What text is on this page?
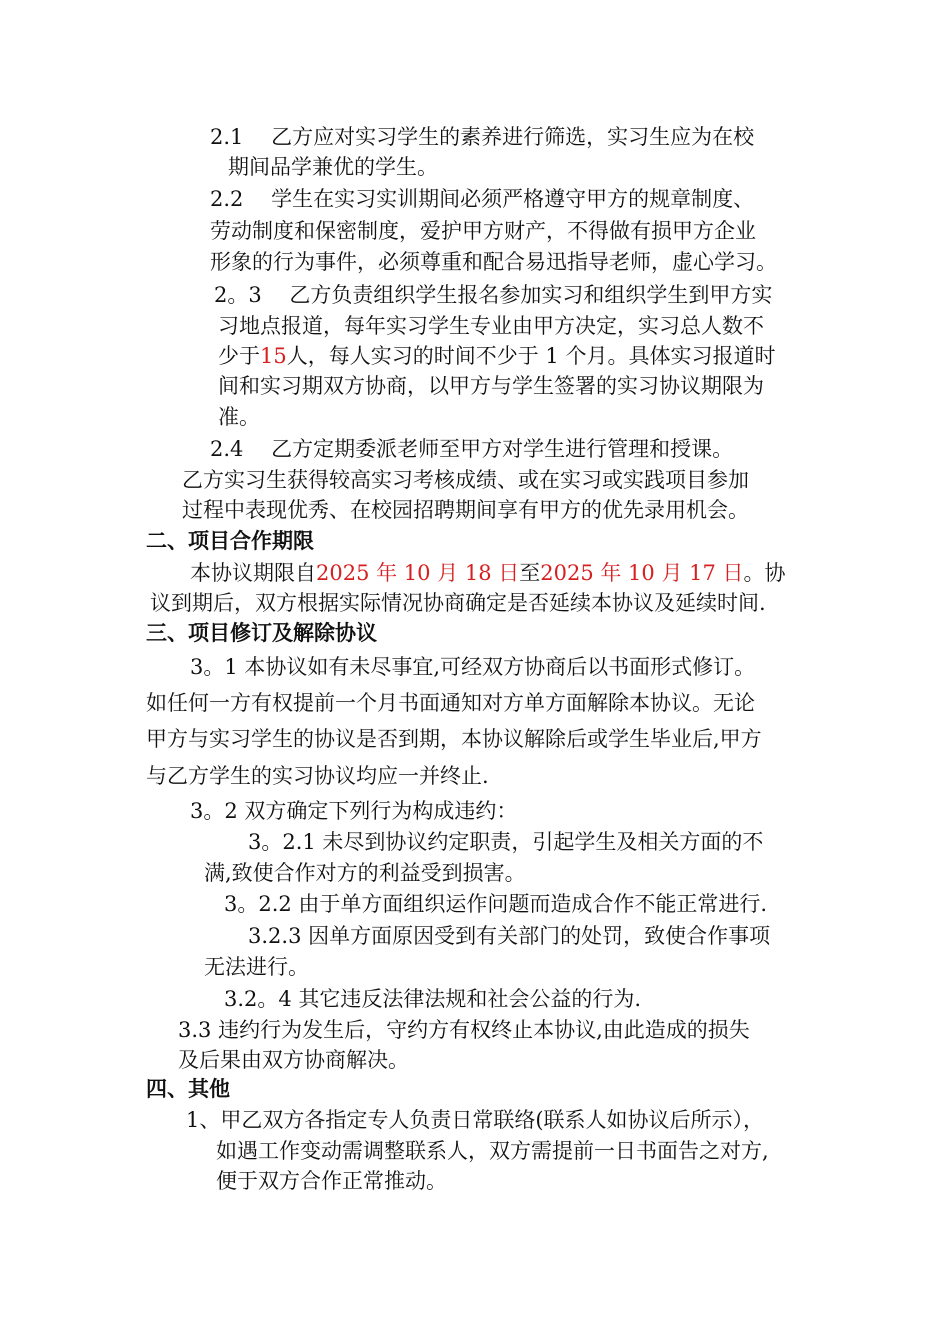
2.1　 乙方应对实习学生的素养进行筛选，实习生应为在校
期间品学兼优的学生。
2.2　 学生在实习实训期间必须严格遵守甲方的规章制度、
劳动制度和保密制度，爱护甲方财产，不得做有损甲方企业
形象的行为事件，必须尊重和配合易迅指导老师，虚心学习。
2。3　 乙方负责组织学生报名参加实习和组织学生到甲方实
习地点报道，每年实习学生专业由甲方决定，实习总人数不
少于15人，每人实习的时间不少于 1 个月。具体实习报道时
间和实习期双方协商，以甲方与学生签署的实习协议期限为
准。
2.4　 乙方定期委派老师至甲方对学生进行管理和授课。
乙方实习生获得较高实习考核成绩、或在实习或实践项目参加
过程中表现优秀、在校园招聘期间享有甲方的优先录用机会。
二、项目合作期限
本协议期限自2025 年 10 月 18 日至2025 年 10 月 17 日。协
议到期后，双方根据实际情况协商确定是否延续本协议及延续时间.
三、项目修订及解除协议
3。1 本协议如有未尽事宜,可经双方协商后以书面形式修订。
如任何一方有权提前一个月书面通知对方单方面解除本协议。无论
甲方与实习学生的协议是否到期，本协议解除后或学生毕业后,甲方
与乙方学生的实习协议均应一并终止.
3。2 双方确定下列行为构成违约：
3。2.1 未尽到协议约定职责，引起学生及相关方面的不
满,致使合作对方的利益受到损害。
3。2.2 由于单方面组织运作问题而造成合作不能正常进行.
3.2.3 因单方面原因受到有关部门的处罚，致使合作事项
无法进行。
3.2。4 其它违反法律法规和社会公益的行为.
3.3 违约行为发生后，守约方有权终止本协议,由此造成的损失
及后果由双方协商解决。
四、其他
1、甲乙双方各指定专人负责日常联络(联系人如协议后所示），
如遇工作变动需调整联系人，双方需提前一日书面告之对方,
便于双方合作正常推动。
